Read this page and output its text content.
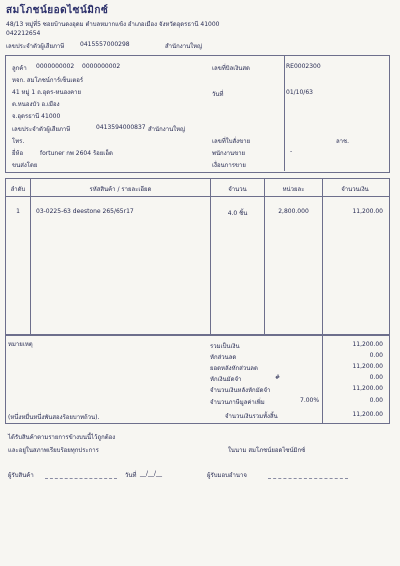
สมโภชน์ยอดไซน์มิกซ์
48/13 หมู่ที่5 ซอยบ้านดงอุดม ตำบลหมากแข้ง อำเภอเมือง จังหวัดอุดรธานี 41000
042212654
เลขประจำตัวผู้เสียภาษี	0415557000298	สำนักงานใหญ่
ลูกค้า 0000000002 0000000002
หจก. สมโภชน์การ์เซ็นเตอร์
41 หมู่ 1 ถ.อุดร-หนองคาย
ต.หนองบัว อ.เมือง
จ.อุดรธานี 41000
เลขประจำตัวผู้เสียภาษี	0413594000837 สำนักงานใหญ่
โทร.
ยี่ห้อ	fortuner กพ 2604 ร้อยเอ็ด
ขนส่งโดย
เลขที่บิลเงินสด	RE0002300
วันที่	01/10/63
เลขที่ใบสั่งขาย	ลาช.
พนักงานขาย	-
เงื่อนการขาย
ลำดับ	รหัสสินค้า / รายละเอียด	จำนวน	หน่วยละ	จำนวนเงิน
1	03-0225-63 deestone 265/65r17	4.0 ชิ้น	2,800.000	11,200.00
หมายเหตุ
(หนึ่งหมื่นหนึ่งพันสองร้อยบาทถ้วน).
รวมเป็นเงิน	11,200.00
หักส่วนลด	0.00
ยอดหลังหักส่วนลด	11,200.00
หักเงินมัดจำ	#	0.00
จำนวนเงินหลังหักมัดจำ	11,200.00
จำนวนภาษีมูลค่าเพิ่ม	7.00%	0.00
จำนวนเงินรวมทั้งสิ้น	11,200.00
ได้รับสินค้าตามรายการข้างบนนี้ไว้ถูกต้อง
และอยู่ในสภาพเรียบร้อยทุกประการ	ในนาม สมโภชน์ยอดไซน์มิกซ์
ผู้รับสินค้า	วันที่ __/__/__	ผู้รับมอบอำนาจ
